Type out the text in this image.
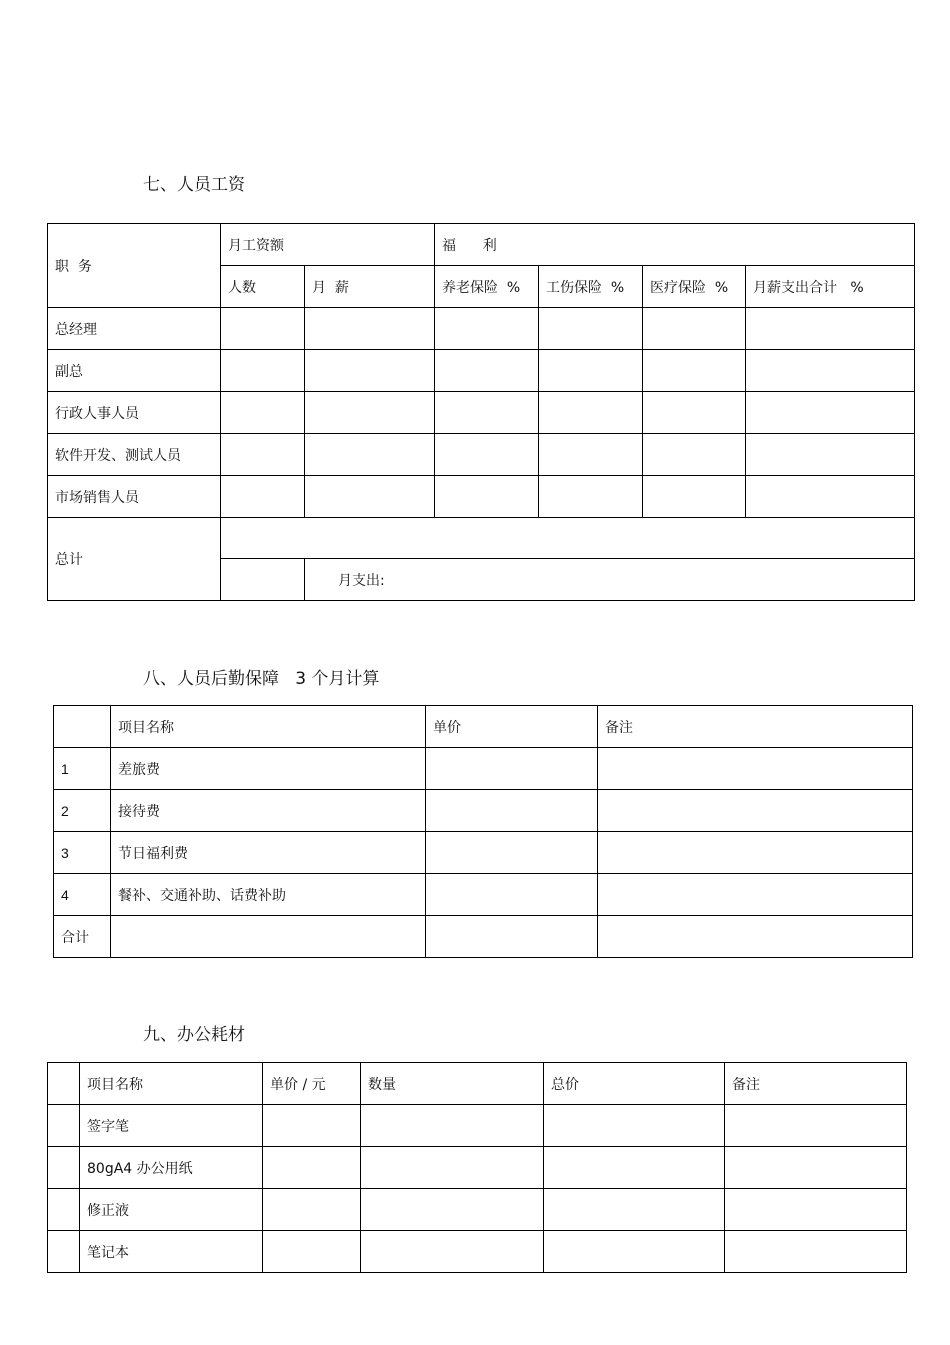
七、人员工资
职  务	月工资额		福      利			
	人数	月  薪	养老保险  %	工伤保险  %	医疗保险  %	月薪支出合计   %
总经理						
副总						
行政人事人员						
软件开发、测试人员						
市场销售人员						
总计						
		月支出:				
八、人员后勤保障   3 个月计算
	项目名称	单价	备注
1	差旅费		
2	接待费		
3	节日福利费		
4	餐补、交通补助、话费补助		
合计			
九、办公耗材
	项目名称	单价 / 元	数量	总价	备注
	签字笔				
	80gA4 办公用纸				
	修正液				
	笔记本				
